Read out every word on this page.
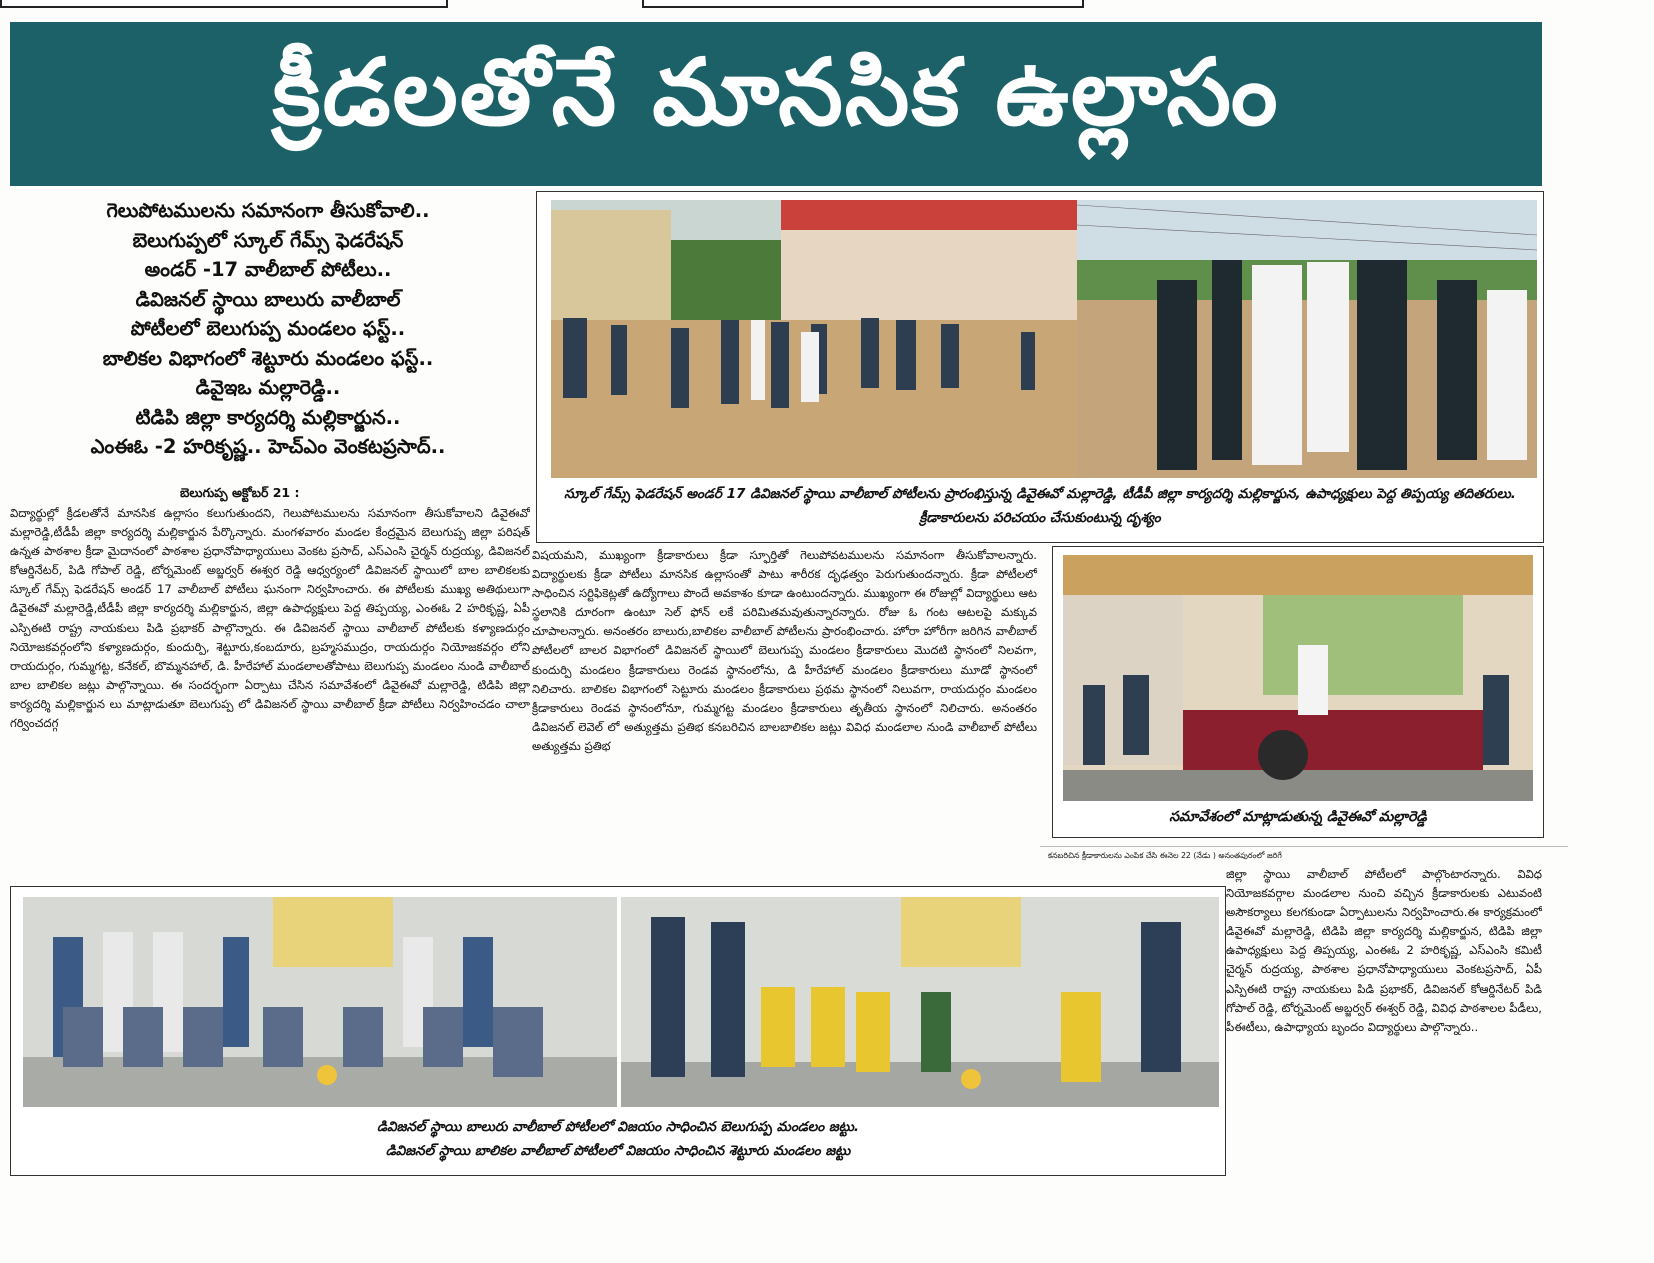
క్రీడలతోనే మానసిక ఉల్లాసం
గెలుపోటములను సమానంగా తీసుకోవాలి..
బెలుగుప్పలో స్కూల్ గేమ్స్ ఫెడరేషన్
అండర్ -17 వాలీబాల్ పోటీలు..
డివిజనల్ స్థాయి బాలురు వాలీబాల్
పోటీలలో బెలుగుప్ప మండలం ఫస్ట్..
బాలికల విభాగంలో శెట్టూరు మండలం ఫస్ట్..
డివైఇఒ మల్లారెడ్డి..
టిడిపి జిల్లా కార్యదర్శి మల్లికార్జున..
ఎంఈఓ -2 హరికృష్ణ.. హెచ్ఎం వెంకటప్రసాద్..
బెలుగుప్ప అక్టోబర్ 21 :

విద్యార్థుల్లో క్రీడలతోనే మానసిక ఉల్లాసం కలుగుతుందని, గెలుపోటములను సమానంగా తీసుకోవాలని డివైఈవో మల్లారెడ్డి,టీడీపీ జిల్లా కార్యదర్శి మల్లికార్జున పేర్కొన్నారు. మంగళవారం మండల కేంద్రమైన బెలుగుప్ప జిల్లా పరిషత్ ఉన్నత పాఠశాల క్రీడా మైదానంలో పాఠశాల ప్రధానోపాధ్యాయులు వెంకట ప్రసాద్, ఎస్ఎంసి చైర్మన్ రుద్రయ్య, డివిజనల్ కోఆర్డినేటర్, పిడి గోపాల్ రెడ్డి, టోర్నమెంట్ అబ్జర్వర్ ఈశ్వర రెడ్డి ఆధ్వర్యంలో డివిజనల్ స్థాయిలో బాల బాలికలకు స్కూల్ గేమ్స్ ఫెడరేషన్ అండర్ 17 వాలీబాల్ పోటీలు ఘనంగా నిర్వహించారు. ఈ పోటీలకు ముఖ్య అతిథులుగా డివైఈవో మల్లారెడ్డి,టీడీపీ జిల్లా కార్యదర్శి మల్లికార్జున, జిల్లా ఉపాధ్యక్షులు పెద్ద తిప్పయ్య, ఎంఈఓ 2 హరికృష్ణ, ఏపీ ఎస్పిఈటి రాష్ట్ర నాయకులు పిడి ప్రభాకర్ పాల్గొన్నారు. ఈ డివిజనల్ స్థాయి వాలీబాల్ పోటీలకు కళ్యాణదుర్గం నియోజకవర్గంలోని కళ్యాణదుర్గం, కుందుర్పి, శెట్టూరు,కంబదూరు, బ్రహ్మసముద్రం, రాయదుర్గం నియోజకవర్గం లోని రాయదుర్గం, గుమ్మగట్ట, కనేకల్, బొమ్మనహాల్, డి. హీరేహాల్ మండలాలతోపాటు బెలుగుప్ప మండలం నుండి వాలీబాల్ బాల బాలికల జట్లు పాల్గొన్నాయి. ఈ సందర్భంగా ఏర్పాటు చేసిన సమావేశంలో డివైఈవో మల్లారెడ్డి, టిడిపి జిల్లా కార్యదర్శి మల్లికార్జున లు మాట్లాడుతూ బెలుగుప్ప లో డివిజనల్ స్థాయి వాలీబాల్ క్రీడా పోటీలు నిర్వహించడం చాలా గర్వించదగ్గ

స్కూల్ గేమ్స్ ఫెడరేషన్ అండర్ 17 డివిజనల్ స్థాయి వాలీబాల్ పోటీలను ప్రారంభిస్తున్న డివైఈవో మల్లారెడ్డి, టీడీపీ జిల్లా కార్యదర్శి మల్లికార్జున, ఉపాధ్యక్షులు పెద్ద తిప్పయ్య తదితరులు. క్రీడాకారులను పరిచయం చేసుకుంటున్న దృశ్యం

విషయమని, ముఖ్యంగా క్రీడాకారులు క్రీడా స్ఫూర్తితో గెలుపోవటములను సమానంగా తీసుకోవాలన్నారు. విద్యార్థులకు క్రీడా పోటీలు మానసిక ఉల్లాసంతో పాటు శారీరక దృఢత్వం పెరుగుతుందన్నారు. క్రీడా పోటీలలో సాధించిన సర్టిఫికెట్లతో ఉద్యోగాలు పొందే అవకాశం కూడా ఉంటుందన్నారు. ముఖ్యంగా ఈ రోజుల్లో విద్యార్థులు ఆట స్థలానికి దూరంగా ఉంటూ సెల్ ఫోన్ లకే పరిమితమవుతున్నారన్నారు. రోజు ఓ గంట ఆటలపై మక్కువ చూపాలన్నారు. అనంతరం బాలురు,బాలికల వాలీబాల్ పోటీలను ప్రారంభించారు. హోరా హోరీగా జరిగిన వాలీబాల్ పోటీలలో బాలర విభాగంలో డివిజనల్ స్థాయిలో బెలుగుప్ప మండలం క్రీడాకారులు మొదటి స్థానంలో నిలవగా, కుందుర్పి మండలం క్రీడాకారులు రెండవ స్థానంలోను, డి హీరేహాల్ మండలం క్రీడాకారులు మూడో స్థానంలో నిలిచారు. బాలికల విభాగంలో సెట్టూరు మండలం క్రీడాకారులు ప్రథమ స్థానంలో నిలువగా, రాయదుర్గం మండలం క్రీడాకారులు రెండవ స్థానంలోనూ, గుమ్మగట్ట మండలం క్రీడాకారులు తృతీయ స్థానంలో నిలిచారు. అనంతరం డివిజనల్ లెవెల్ లో అత్యుత్తమ ప్రతిభ కనబరిచిన బాలబాలికల జట్లు వివిధ మండలాల నుండి వాలీబాల్ పోటీలు అత్యుత్తమ ప్రతిభ

సమావేశంలో మాట్లాడుతున్న డివైఈవో మల్లారెడ్డి
కనబరిచిన క్రీడాకారులను ఎంపిక చేసి ఈనెల 22 (నేడు ) అనంతపురంలో జరిగే

జిల్లా స్థాయి వాలీబాల్ పోటీలలో పాల్గొంటారన్నారు. వివిధ నియోజకవర్గాల మండలాల నుంచి వచ్చిన క్రీడాకారులకు ఎటువంటి అసౌకర్యాలు కలగకుండా ఏర్పాటులను నిర్వహించారు.ఈ కార్యక్రమంలో డివైఈవో మల్లారెడ్డి, టిడిపి జిల్లా కార్యదర్శి మల్లికార్జున, టిడిపి జిల్లా ఉపాధ్యక్షులు పెద్ద తిప్పయ్య, ఎంఈఓ 2 హరికృష్ణ, ఎస్ఎంసి కమిటీ చైర్మన్ రుద్రయ్య, పాఠశాల ప్రధానోపాధ్యాయులు వెంకటప్రసాద్, ఏపీ ఎస్పిఈటి రాష్ట్ర నాయకులు పిడి ప్రభాకర్, డివిజనల్ కోఆర్డినేటర్ పిడి గోపాల్ రెడ్డి, టోర్నమెంట్ అబ్జర్వర్ ఈశ్వర్ రెడ్డి, వివిధ పాఠశాలల పీడీలు, పీఈటీలు, ఉపాధ్యాయ బృందం విద్యార్థులు పాల్గొన్నారు..

డివిజనల్ స్థాయి బాలురు వాలీబాల్ పోటీలలో విజయం సాధించిన బెలుగుప్ప మండలం జట్టు.
డివిజనల్ స్థాయి బాలికల వాలీబాల్ పోటీలలో విజయం సాధించిన శెట్టూరు మండలం జట్టు
